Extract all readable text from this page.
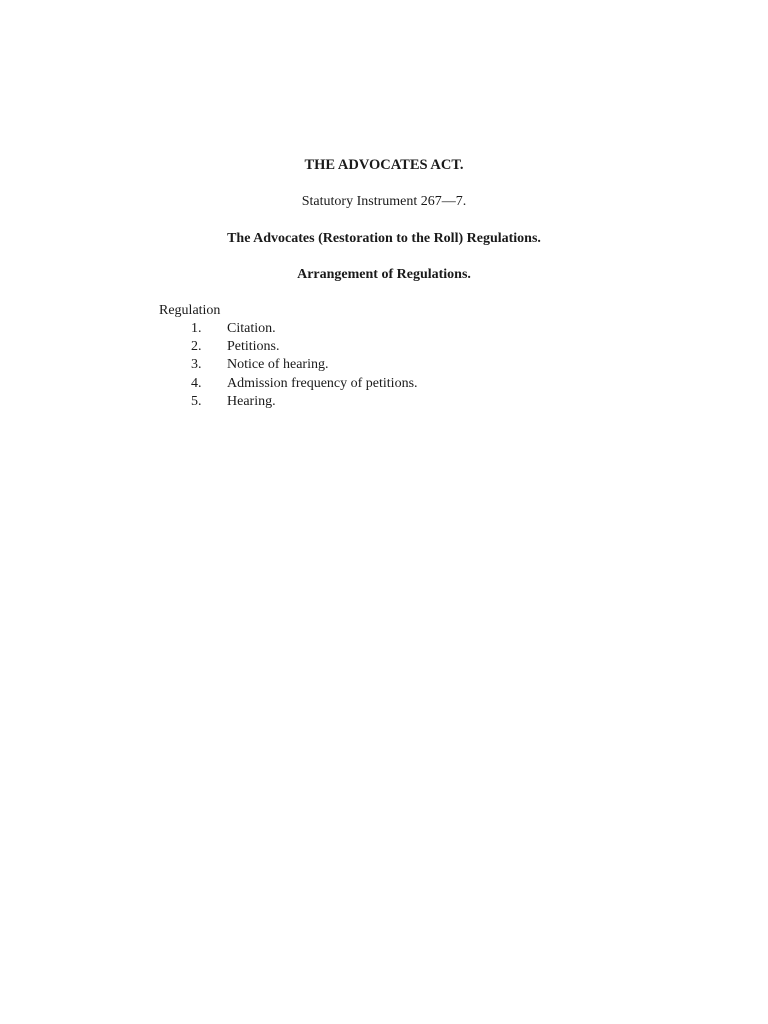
THE ADVOCATES ACT.
Statutory Instrument 267—7.
The Advocates (Restoration to the Roll) Regulations.
Arrangement of Regulations.
Regulation
1. Citation.
2. Petitions.
3. Notice of hearing.
4. Admission frequency of petitions.
5. Hearing.
